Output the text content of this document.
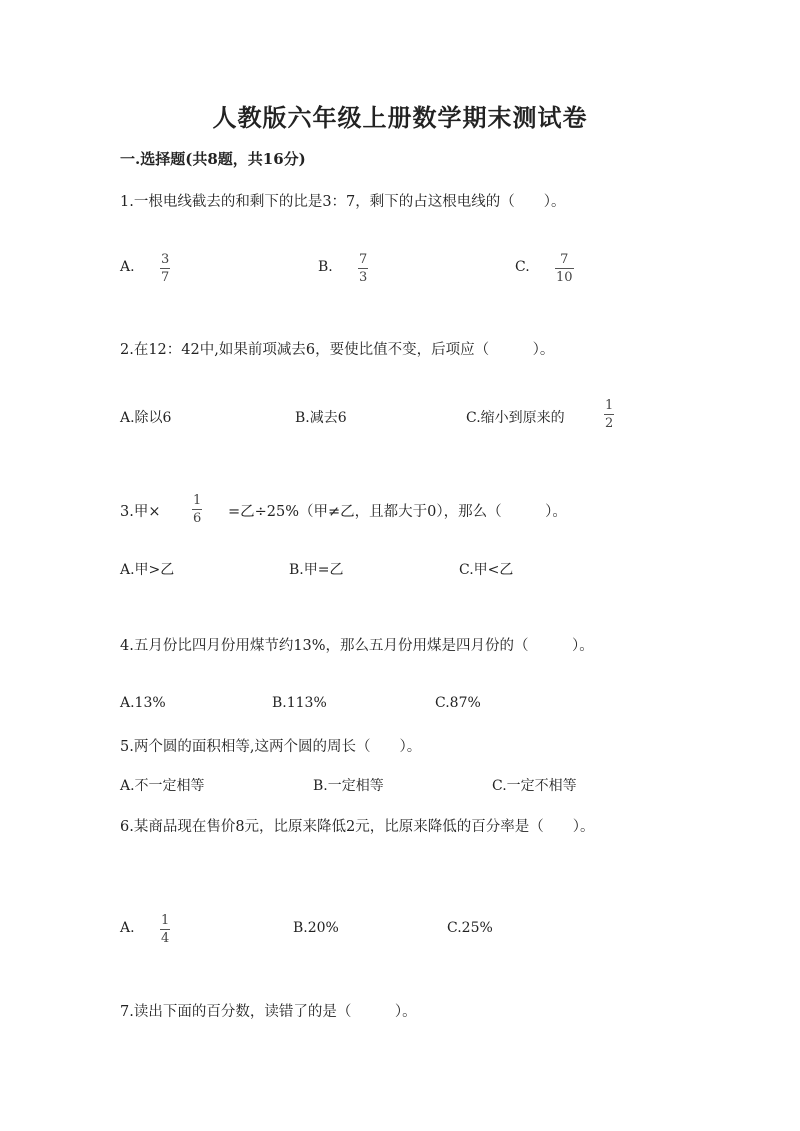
人教版六年级上册数学期末测试卷
一.选择题(共8题，共16分)
1.一根电线截去的和剩下的比是3：7，剩下的占这根电线的（　　）。
A. 3
7
B. 7
3
C. 7
10
2.在12：42中,如果前项减去6，要使比值不变，后项应（　　　）。
A.除以6	B.减去6	C.缩小到原来的
1
2
3.甲×
1
6 =乙÷25%（甲≠乙，且都大于0），那么（　　　）。
A.甲>乙	B.甲=乙	C.甲<乙
4.五月份比四月份用煤节约13%，那么五月份用煤是四月份的（　　　）。
A.13%	B.113%	C.87%
5.两个圆的面积相等,这两个圆的周长（　　）。
A.不一定相等	B.一定相等	C.一定不相等
6.某商品现在售价8元，比原来降低2元，比原来降低的百分率是（　　）。
A. 1
4
B.20%	C.25%
7.读出下面的百分数，读错了的是（　　　）。
